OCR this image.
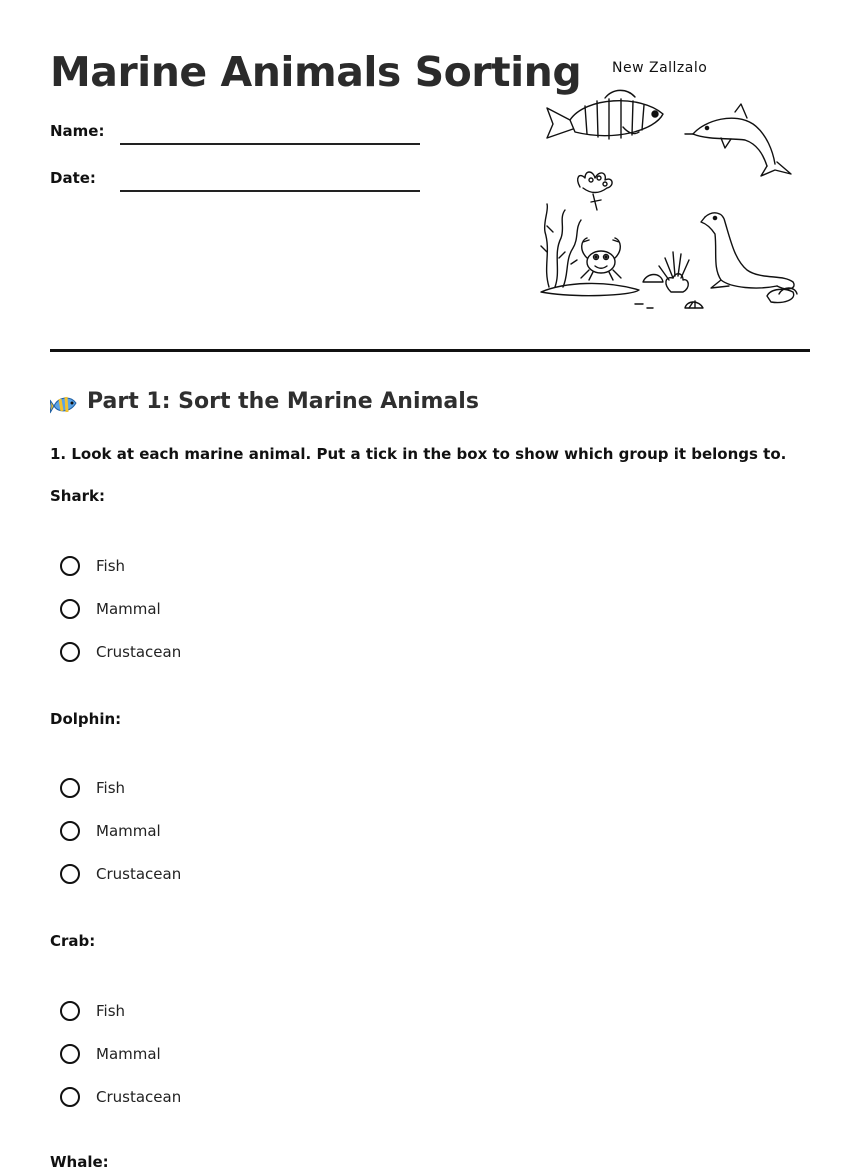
Marine Animals Sorting
Name:
Date:
New Zallzalo
Part 1: Sort the Marine Animals

1. Look at each marine animal. Put a tick in the box to show which group it belongs to.

Shark:
Fish
Mammal
Crustacean
Dolphin:
Fish
Mammal
Crustacean
Crab:
Fish
Mammal
Crustacean
Whale:
